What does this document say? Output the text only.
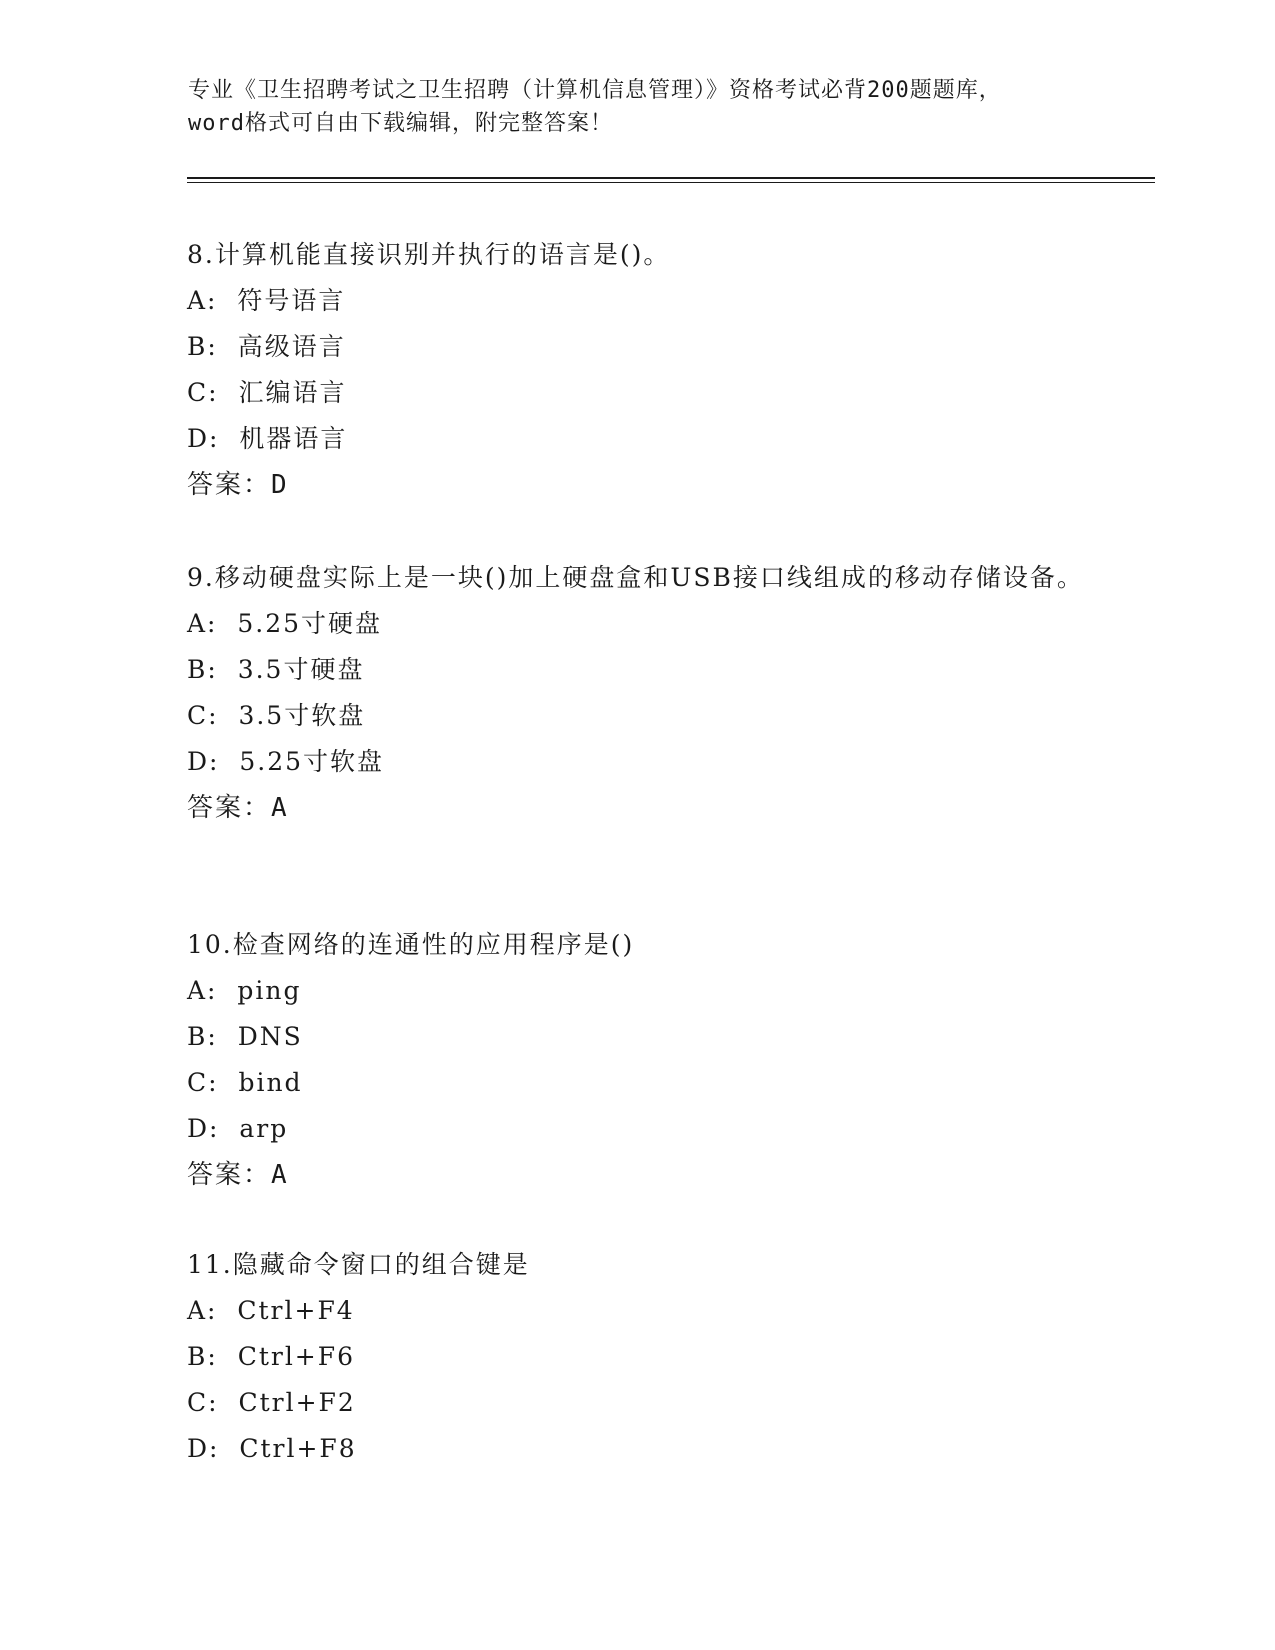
专业《卫生招聘考试之卫生招聘（计算机信息管理）》资格考试必背200题题库，
word格式可自由下载编辑，附完整答案！
8.计算机能直接识别并执行的语言是()。
A:  符号语言
B:  高级语言
C:  汇编语言
D:  机器语言
答案：D
9.移动硬盘实际上是一块()加上硬盘盒和USB接口线组成的移动存储设备。
A:  5.25寸硬盘
B:  3.5寸硬盘
C:  3.5寸软盘
D:  5.25寸软盘
答案：A
10.检查网络的连通性的应用程序是()
A:  ping
B:  DNS
C:  bind
D:  arp
答案：A
11.隐藏命令窗口的组合键是
A:  Ctrl+F4
B:  Ctrl+F6
C:  Ctrl+F2
D:  Ctrl+F8
